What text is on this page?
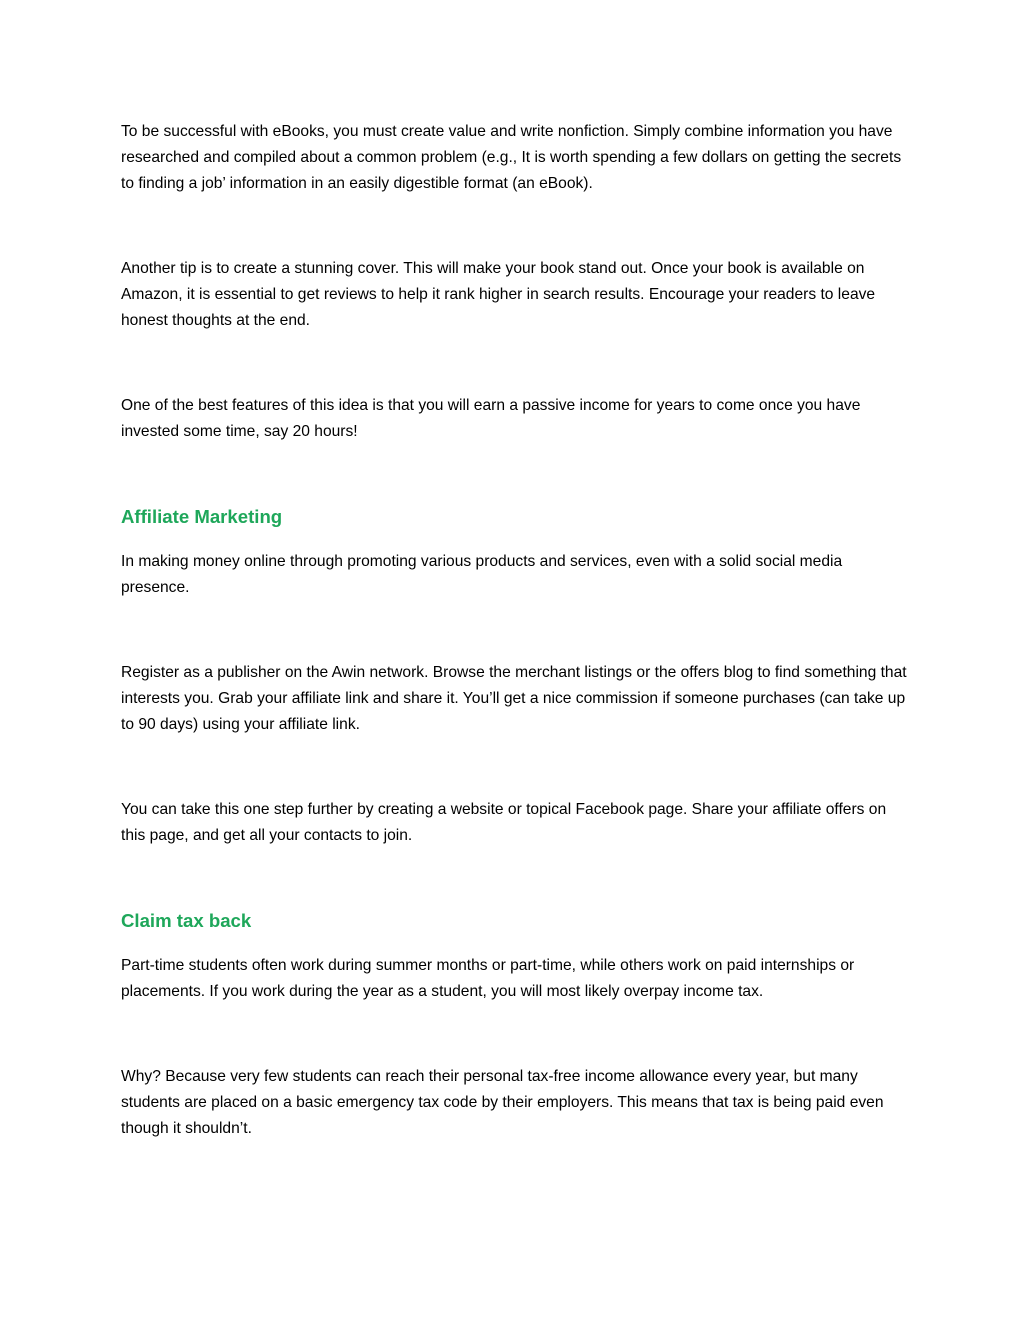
To be successful with eBooks, you must create value and write nonfiction. Simply combine information you have researched and compiled about a common problem (e.g., It is worth spending a few dollars on getting the secrets to finding a job’ information in an easily digestible format (an eBook).

Another tip is to create a stunning cover. This will make your book stand out. Once your book is available on Amazon, it is essential to get reviews to help it rank higher in search results. Encourage your readers to leave honest thoughts at the end.

One of the best features of this idea is that you will earn a passive income for years to come once you have invested some time, say 20 hours!

Affiliate Marketing

In making money online through promoting various products and services, even with a solid social media presence.

Register as a publisher on the Awin network. Browse the merchant listings or the offers blog to find something that interests you. Grab your affiliate link and share it. You’ll get a nice commission if someone purchases (can take up to 90 days) using your affiliate link.

You can take this one step further by creating a website or topical Facebook page. Share your affiliate offers on this page, and get all your contacts to join.

Claim tax back

Part-time students often work during summer months or part-time, while others work on paid internships or placements. If you work during the year as a student, you will most likely overpay income tax.

Why? Because very few students can reach their personal tax-free income allowance every year, but many students are placed on a basic emergency tax code by their employers. This means that tax is being paid even though it shouldn’t.
